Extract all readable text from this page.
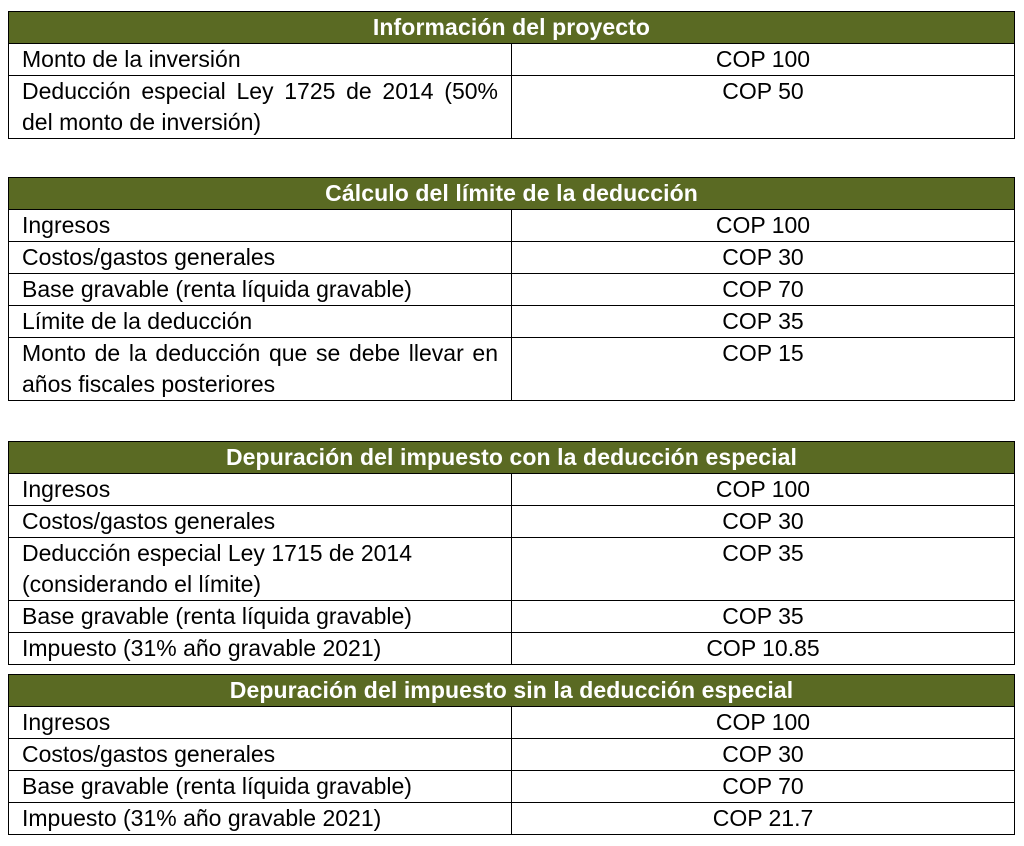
Información del proyecto	
Monto de la inversión	COP 100
Deducción especial Ley 1725 de 2014 (50% del monto de inversión)	COP 50
Cálculo del límite de la deducción	
Ingresos	COP 100
Costos/gastos generales	COP 30
Base gravable (renta líquida gravable)	COP 70
Límite de la deducción	COP 35
Monto de la deducción que se debe llevar en años fiscales posteriores	COP 15
Depuración del impuesto con la deducción especial	
Ingresos	COP 100
Costos/gastos generales	COP 30
Deducción especial Ley 1715 de 2014 (considerando el límite)	COP 35
Base gravable (renta líquida gravable)	COP 35
Impuesto (31% año gravable 2021)	COP 10.85
Depuración del impuesto sin la deducción especial	
Ingresos	COP 100
Costos/gastos generales	COP 30
Base gravable (renta líquida gravable)	COP 70
Impuesto (31% año gravable 2021)	COP 21.7
